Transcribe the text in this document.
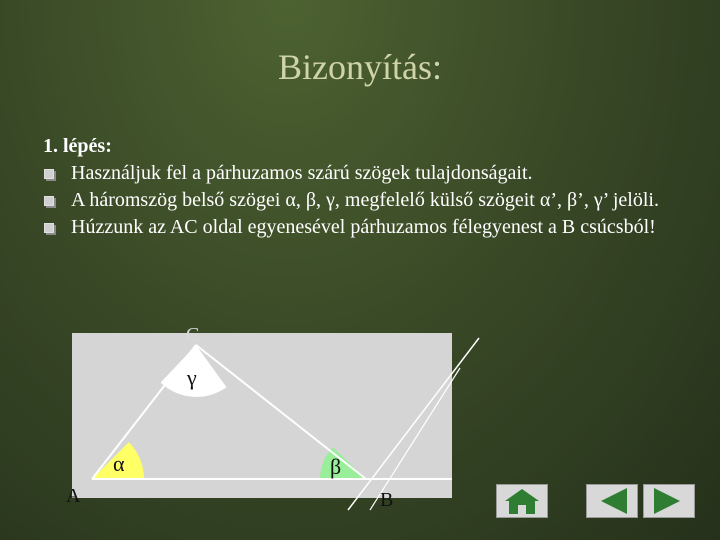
Bizonyítás:
1. lépés:
Használjuk fel a párhuzamos szárú szögek tulajdonságait.
A háromszög belső szögei α, β, γ, megfelelő külső szögeit α’, β’, γ’ jelöli.
Húzzunk az AC oldal egyenesével párhuzamos félegyenest a B csúcsból!
C
A	B
α	β
γ
